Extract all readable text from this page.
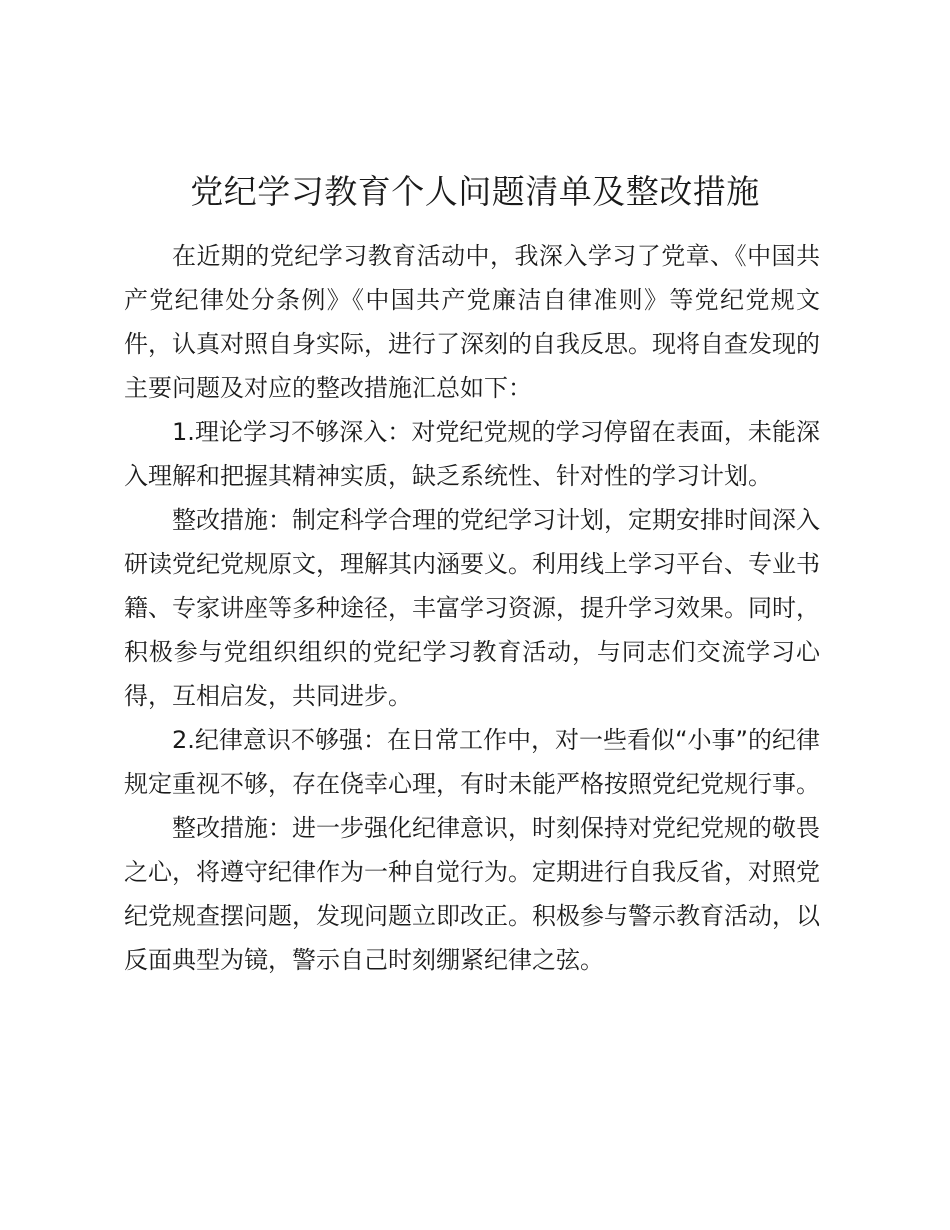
党纪学习教育个人问题清单及整改措施

在近期的党纪学习教育活动中，我深入学习了党章、《中国共产党纪律处分条例》《中国共产党廉洁自律准则》等党纪党规文件，认真对照自身实际，进行了深刻的自我反思。现将自查发现的主要问题及对应的整改措施汇总如下：

1.理论学习不够深入：对党纪党规的学习停留在表面，未能深入理解和把握其精神实质，缺乏系统性、针对性的学习计划。

整改措施：制定科学合理的党纪学习计划，定期安排时间深入研读党纪党规原文，理解其内涵要义。利用线上学习平台、专业书籍、专家讲座等多种途径，丰富学习资源，提升学习效果。同时，积极参与党组织组织的党纪学习教育活动，与同志们交流学习心得，互相启发，共同进步。

2.纪律意识不够强：在日常工作中，对一些看似“小事”的纪律规定重视不够，存在侥幸心理，有时未能严格按照党纪党规行事。

整改措施：进一步强化纪律意识，时刻保持对党纪党规的敬畏之心，将遵守纪律作为一种自觉行为。定期进行自我反省，对照党纪党规查摆问题，发现问题立即改正。积极参与警示教育活动，以反面典型为镜，警示自己时刻绷紧纪律之弦。
